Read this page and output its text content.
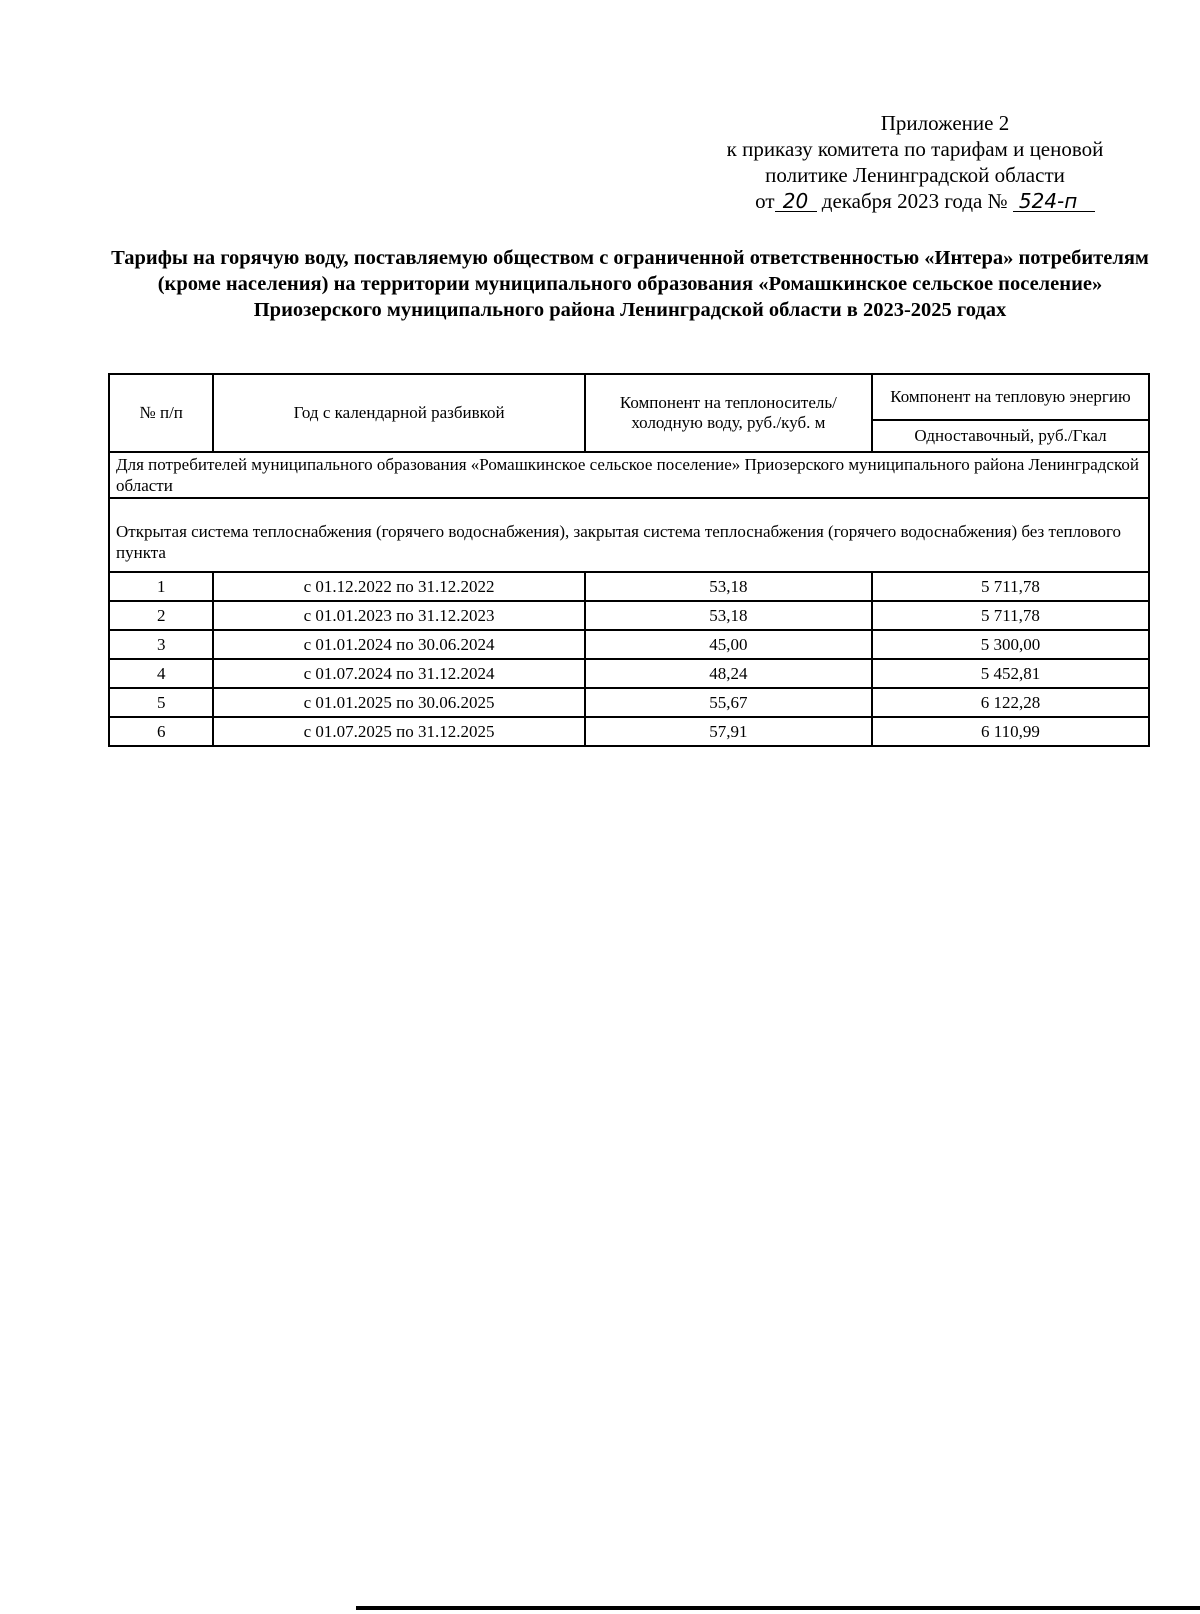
Приложение 2
к приказу комитета по тарифам и ценовой
политике Ленинградской области
от 20 декабря 2023 года № 524-п
Тарифы на горячую воду, поставляемую обществом с ограниченной ответственностью «Интера» потребителям (кроме населения) на территории муниципального образования «Ромашкинское сельское поселение» Приозерского муниципального района Ленинградской области в 2023-2025 годах
№ п/п	Год с календарной разбивкой	Компонент на теплоноситель/ холодную воду, руб./куб. м	Компонент на тепловую энергию
			Одноставочный, руб./Гкал
Для потребителей муниципального образования «Ромашкинское сельское поселение» Приозерского муниципального района Ленинградской области			
Открытая система теплоснабжения (горячего водоснабжения), закрытая система теплоснабжения (горячего водоснабжения) без теплового пункта			
1	с 01.12.2022 по 31.12.2022	53,18	5 711,78
2	с 01.01.2023 по 31.12.2023	53,18	5 711,78
3	с 01.01.2024 по 30.06.2024	45,00	5 300,00
4	с 01.07.2024 по 31.12.2024	48,24	5 452,81
5	с 01.01.2025 по 30.06.2025	55,67	6 122,28
6	с 01.07.2025 по 31.12.2025	57,91	6 110,99
